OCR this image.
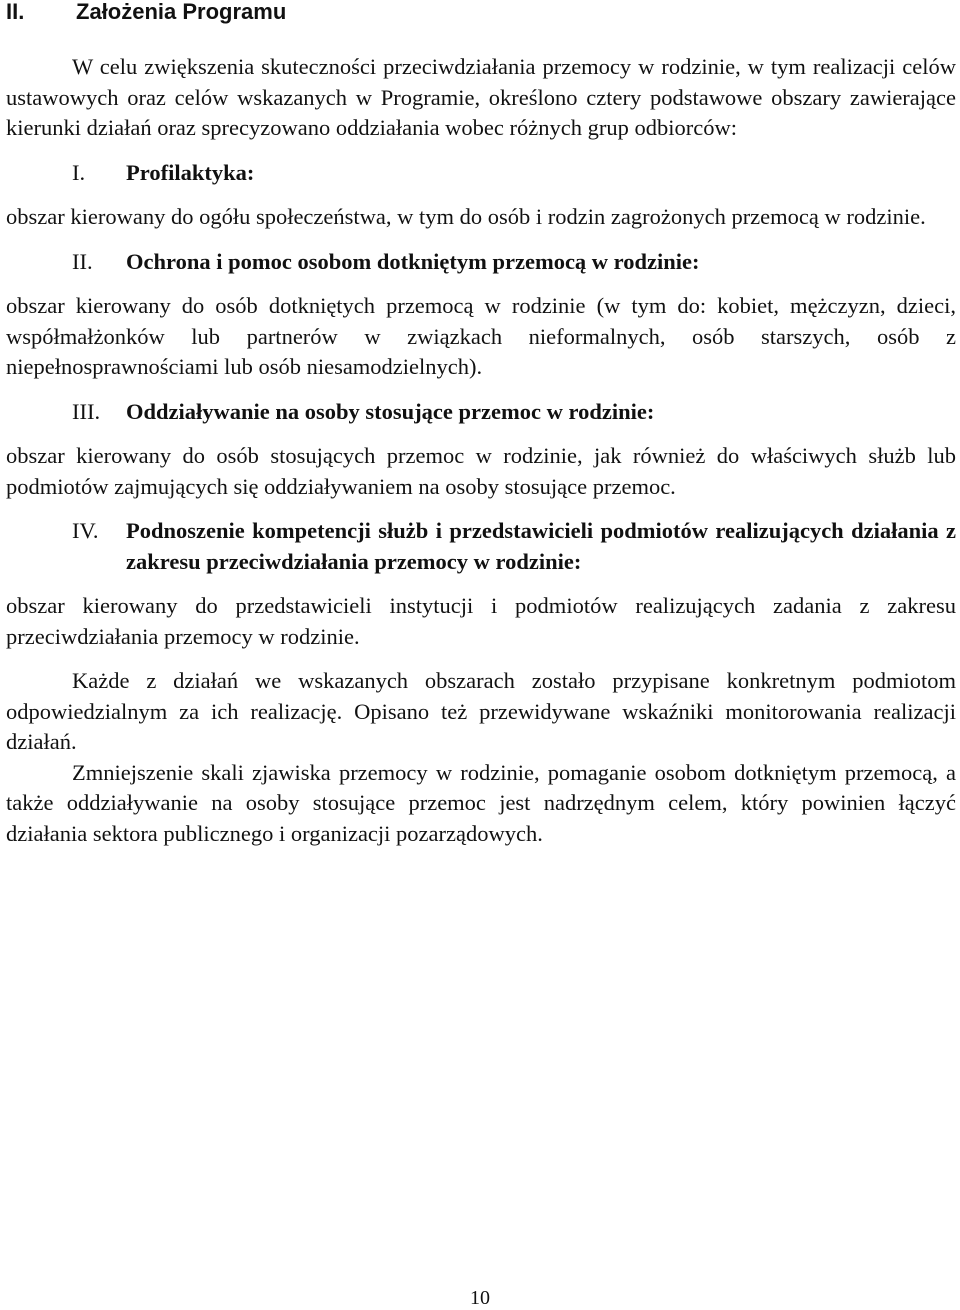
II.	Założenia Programu

W celu zwiększenia skuteczności przeciwdziałania przemocy w rodzinie, w tym realizacji celów ustawowych oraz celów wskazanych w Programie, określono cztery podstawowe obszary zawierające kierunki działań oraz sprecyzowano oddziałania wobec różnych grup odbiorców:

I.	Profilaktyka:

obszar kierowany do ogółu społeczeństwa, w tym do osób i rodzin zagrożonych przemocą w rodzinie.

II.	Ochrona i pomoc osobom dotkniętym przemocą w rodzinie:

obszar kierowany do osób dotkniętych przemocą w rodzinie (w tym do: kobiet, mężczyzn, dzieci, współmałżonków lub partnerów w związkach nieformalnych, osób starszych, osób z niepełnosprawnościami lub osób niesamodzielnych).

III.	Oddziaływanie na osoby stosujące przemoc w rodzinie:

obszar kierowany do osób stosujących przemoc w rodzinie, jak również do właściwych służb lub podmiotów zajmujących się oddziaływaniem na osoby stosujące przemoc.

IV.	Podnoszenie kompetencji służb i przedstawicieli podmiotów realizujących działania z zakresu przeciwdziałania przemocy w rodzinie:

obszar kierowany do przedstawicieli instytucji i podmiotów realizujących zadania z zakresu przeciwdziałania przemocy w rodzinie.

Każde z działań we wskazanych obszarach zostało przypisane konkretnym podmiotom odpowiedzialnym za ich realizację. Opisano też przewidywane wskaźniki monitorowania realizacji działań.

Zmniejszenie skali zjawiska przemocy w rodzinie, pomaganie osobom dotkniętym przemocą, a także oddziaływanie na osoby stosujące przemoc jest nadrzędnym celem, który powinien łączyć działania sektora publicznego i organizacji pozarządowych.

10
